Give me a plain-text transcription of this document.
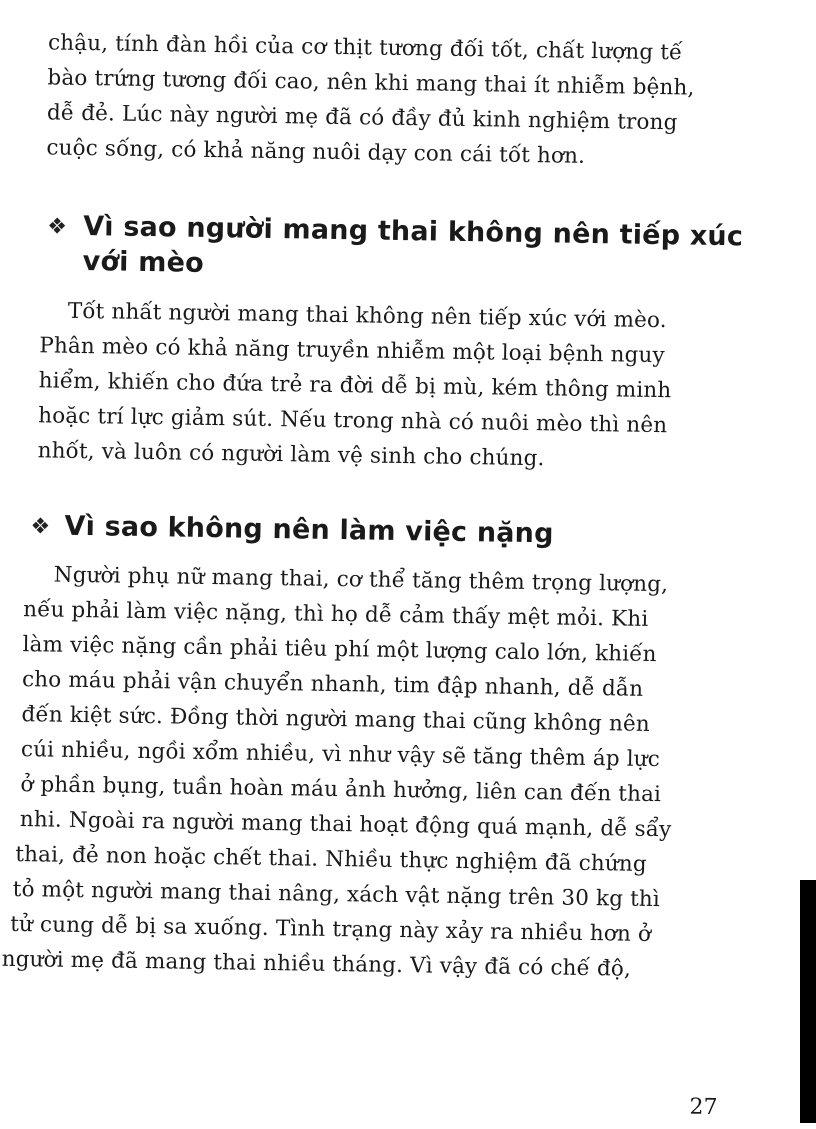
chậu, tính đàn hồi của cơ thịt tương đối tốt, chất lượng tế
bào trứng tương đối cao, nên khi mang thai ít nhiễm bệnh,
dễ đẻ. Lúc này người mẹ đã có đầy đủ kinh nghiệm trong
cuộc sống, có khả năng nuôi dạy con cái tốt hơn.
❖ Vì sao người mang thai không nên tiếp xúc
với mèo
Tốt nhất người mang thai không nên tiếp xúc với mèo.
Phân mèo có khả năng truyền nhiễm một loại bệnh nguy
hiểm, khiến cho đứa trẻ ra đời dễ bị mù, kém thông minh
hoặc trí lực giảm sút. Nếu trong nhà có nuôi mèo thì nên
nhốt, và luôn có người làm vệ sinh cho chúng.
❖ Vì sao không nên làm việc nặng
Người phụ nữ mang thai, cơ thể tăng thêm trọng lượng,
nếu phải làm việc nặng, thì họ dễ cảm thấy mệt mỏi. Khi
làm việc nặng cần phải tiêu phí một lượng calo lớn, khiến
cho máu phải vận chuyển nhanh, tim đập nhanh, dễ dẫn
đến kiệt sức. Đồng thời người mang thai cũng không nên
cúi nhiều, ngồi xổm nhiều, vì như vậy sẽ tăng thêm áp lực
ở phần bụng, tuần hoàn máu ảnh hưởng, liên can đến thai
nhi. Ngoài ra người mang thai hoạt động quá mạnh, dễ sẩy
thai, đẻ non hoặc chết thai. Nhiều thực nghiệm đã chứng
tỏ một người mang thai nâng, xách vật nặng trên 30 kg thì
tử cung dễ bị sa xuống. Tình trạng này xảy ra nhiều hơn ở
người mẹ đã mang thai nhiều tháng. Vì vậy đã có chế độ,
27
